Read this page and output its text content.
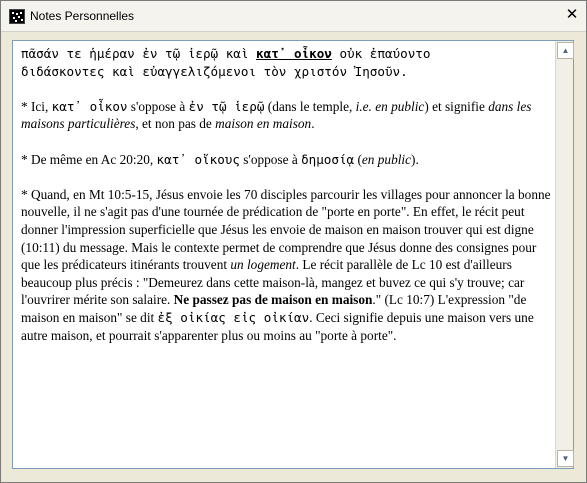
Notes Personnelles	✕

πᾶσάν τε ἡμέραν ἐν τῷ ἱερῷ καὶ κατ᾽ οἶκον οὐκ ἐπαύοντο
διδάσκοντες καὶ εὐαγγελιζόμενοι τὸν χριστόν Ἰησοῦν.

* Ici, κατ᾽ οἶκον s'oppose à ἐν τῷ ἱερῷ (dans le temple, i.e. en public) et signifie dans les maisons particulières, et non pas de maison en maison.

* De même en Ac 20:20, κατ᾽ οἴκους s'oppose à δημοσίᾳ (en public).

* Quand, en Mt 10:5-15, Jésus envoie les 70 disciples parcourir les villages pour annoncer la bonne nouvelle, il ne s'agit pas d'une tournée de prédication de "porte en porte". En effet, le récit peut donner l'impression superficielle que Jésus les envoie de maison en maison trouver qui est digne (10:11) du message. Mais le contexte permet de comprendre que Jésus donne des consignes pour que les prédicateurs itinérants trouvent un logement. Le récit parallèle de Lc 10 est d'ailleurs beaucoup plus précis : "Demeurez dans cette maison-là, mangez et buvez ce qui s'y trouve; car l'ouvrirer mérite son salaire. Ne passez pas de maison en maison." (Lc 10:7) L'expression "de maison en maison" se dit ἐξ οἰκίας εἰς οἰκίαν. Ceci signifie depuis une maison vers une autre maison, et pourrait s'apparenter plus ou moins au "porte à porte".

▲
▼
